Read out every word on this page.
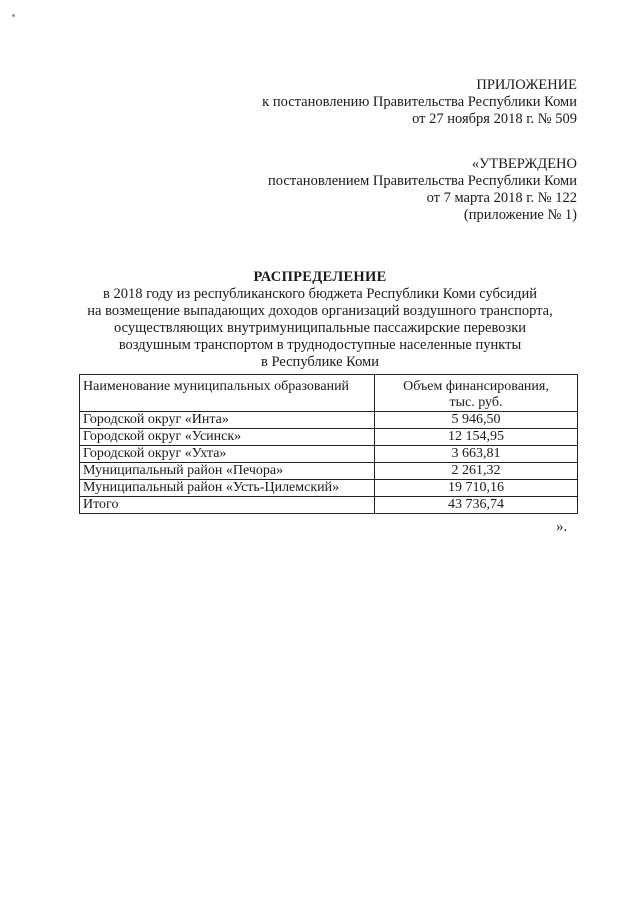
ПРИЛОЖЕНИЕ
к постановлению Правительства Республики Коми
от 27 ноября 2018 г. № 509
«УТВЕРЖДЕНО
постановлением Правительства Республики Коми
от 7 марта 2018 г. № 122
(приложение № 1)
РАСПРЕДЕЛЕНИЕ
в 2018 году из республиканского бюджета Республики Коми субсидий
на возмещение выпадающих доходов организаций воздушного транспорта,
осуществляющих внутримуниципальные пассажирские перевозки
воздушным транспортом в труднодоступные населенные пункты
в Республике Коми
Наименование муниципальных образований	Объем финансирования,
тыс. руб.

Городской округ «Инта»	5 946,50
Городской округ «Усинск»	12 154,95
Городской округ «Ухта»	3 663,81
Муниципальный район «Печора»	2 261,32
Муниципальный район «Усть-Цилемский»	19 710,16
Итого	43 736,74
».
